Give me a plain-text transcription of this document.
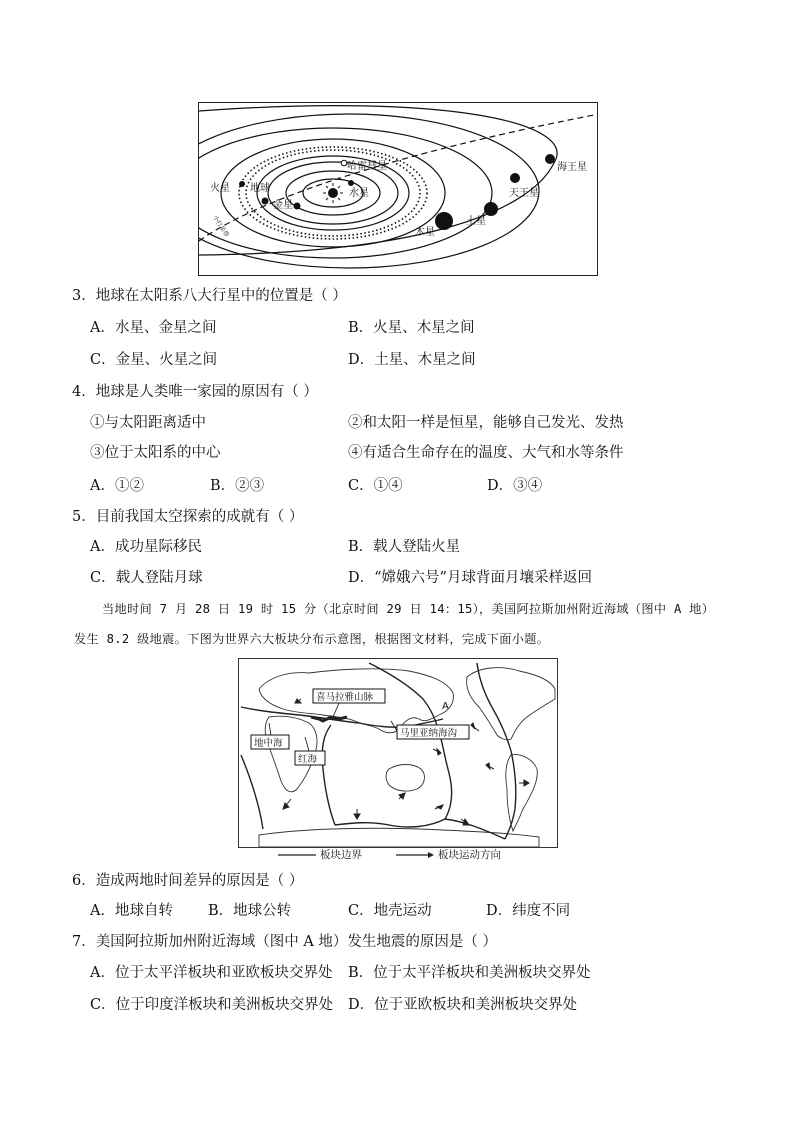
海王星
天王星
土星
木星
火星 地球
金星
水星
哈雷彗星
小行星带
3．地球在太阳系八大行星中的位置是（ ）
A．水星、金星之间	B．火星、木星之间
C．金星、火星之间	D．土星、木星之间
4．地球是人类唯一家园的原因有（ ）
①与太阳距离适中	②和太阳一样是恒星，能够自己发光、发热
③位于太阳系的中心	④有适合生命存在的温度、大气和水等条件
A．①②	B．②③	C．①④	D．③④
5．目前我国太空探索的成就有（ ）
A．成功星际移民	B．载人登陆火星
C．载人登陆月球	D．“嫦娥六号”月球背面月壤采样返回
当地时间 7 月 28 日 19 时 15 分（北京时间 29 日 14：15），美国阿拉斯加州附近海域（图中 A 地）
发生 8.2 级地震。下图为世界六大板块分布示意图，根据图文材料，完成下面小题。
喜马拉雅山脉
地中海
红海
马里亚纳海沟
A
板块边界	板块运动方向
6．造成两地时间差异的原因是（ ）
A．地球自转 B．地球公转	C．地壳运动	D．纬度不同
7．美国阿拉斯加州附近海域（图中 A 地）发生地震的原因是（ ）
A．位于太平洋板块和亚欧板块交界处 B．位于太平洋板块和美洲板块交界处
C．位于印度洋板块和美洲板块交界处 D．位于亚欧板块和美洲板块交界处
